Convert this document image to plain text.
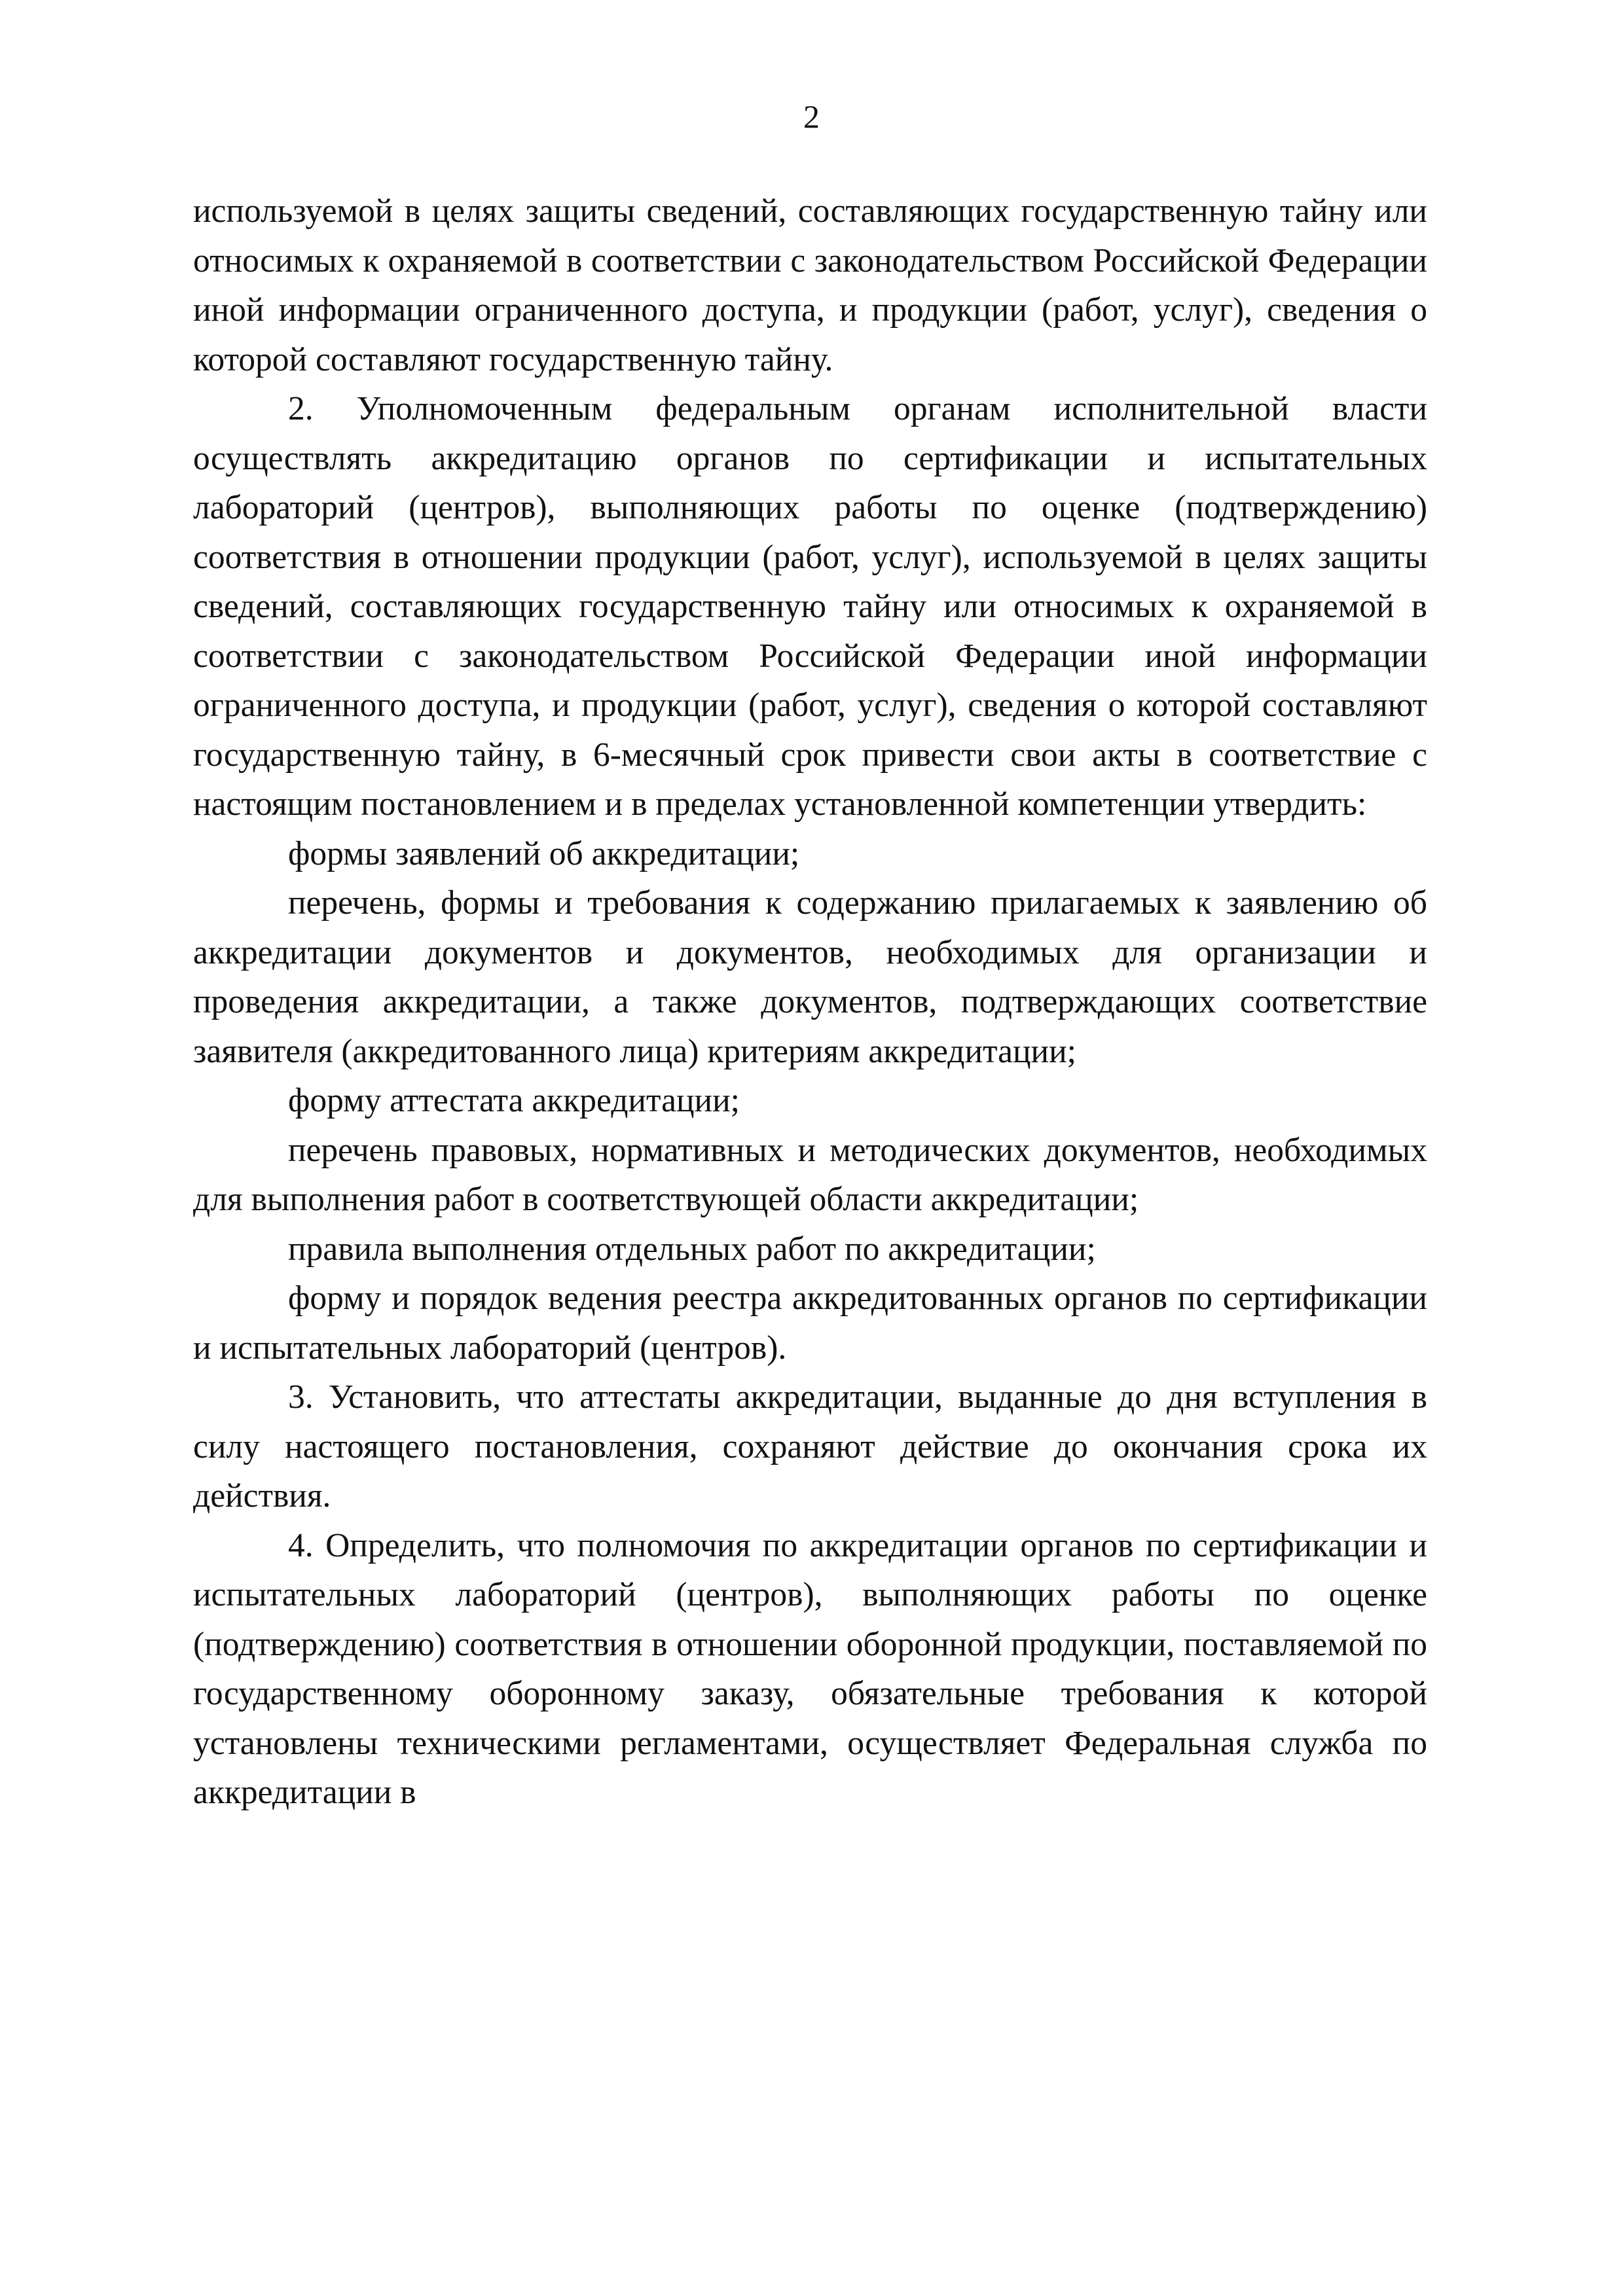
2

используемой в целях защиты сведений, составляющих государственную тайну или относимых к охраняемой в соответствии с законодательством Российской Федерации иной информации ограниченного доступа, и продукции (работ, услуг), сведения о которой составляют государственную тайну.

2. Уполномоченным федеральным органам исполнительной власти осуществлять аккредитацию органов по сертификации и испытательных лабораторий (центров), выполняющих работы по оценке (подтверждению) соответствия в отношении продукции (работ, услуг), используемой в целях защиты сведений, составляющих государственную тайну или относимых к охраняемой в соответствии с законодательством Российской Федерации иной информации ограниченного доступа, и продукции (работ, услуг), сведения о которой составляют государственную тайну, в 6-месячный срок привести свои акты в соответствие с настоящим постановлением и в пределах установленной компетенции утвердить:

формы заявлений об аккредитации;

перечень, формы и требования к содержанию прилагаемых к заявлению об аккредитации документов и документов, необходимых для организации и проведения аккредитации, а также документов, подтверждающих соответствие заявителя (аккредитованного лица) критериям аккредитации;

форму аттестата аккредитации;

перечень правовых, нормативных и методических документов, необходимых для выполнения работ в соответствующей области аккредитации;

правила выполнения отдельных работ по аккредитации;

форму и порядок ведения реестра аккредитованных органов по сертификации и испытательных лабораторий (центров).

3. Установить, что аттестаты аккредитации, выданные до дня вступления в силу настоящего постановления, сохраняют действие до окончания срока их действия.

4. Определить, что полномочия по аккредитации органов по сертификации и испытательных лабораторий (центров), выполняющих работы по оценке (подтверждению) соответствия в отношении оборонной продукции, поставляемой по государственному оборонному заказу, обязательные требования к которой установлены техническими регламентами, осуществляет Федеральная служба по аккредитации в
